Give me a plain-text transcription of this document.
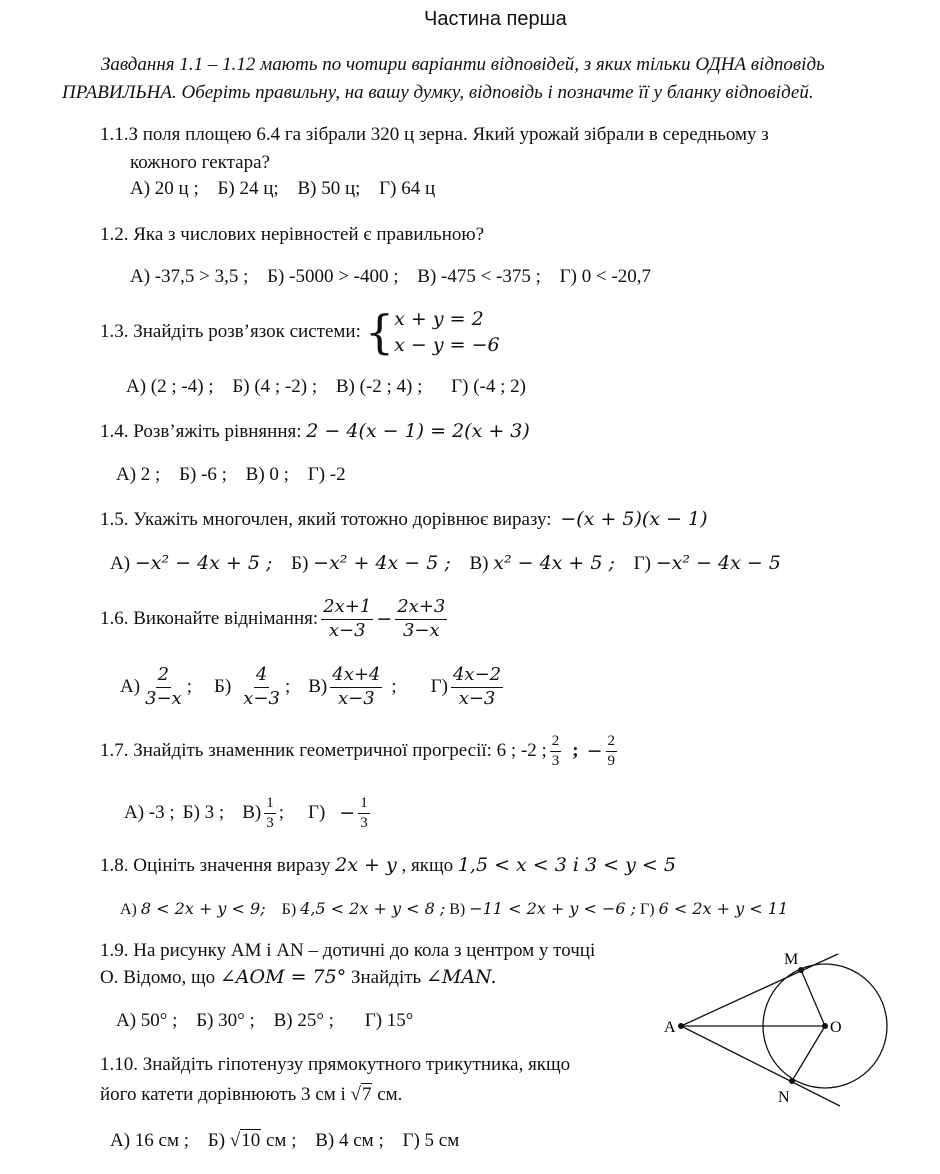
Частина перша
Завдання 1.1 – 1.12 мають по чотири варіанти відповідей, з яких тільки ОДНА відповідь
ПРАВИЛЬНА. Оберіть правильну, на вашу думку, відповідь і позначте її у бланку відповідей.
1.1.З поля площею 6.4 га зібрали 320 ц зерна. Який урожай зібрали в середньому з
кожного гектара?
А) 20 ц ; Б) 24 ц; В) 50 ц; Г) 64 ц
1.2. Яка з числових нерівностей є правильною?
А) -37,5 > 3,5 ; Б) -5000 > -400 ; В) -475 < -375 ; Г) 0 < -20,7
1.3. Знайдіть розв’язок системи: { x + y = 2
x − y = −6
А) (2 ; -4) ; Б) (4 ; -2) ; В) (-2 ; 4) ; Г) (-4 ; 2)
1.4. Розв’яжіть рівняння: 2 − 4(x − 1) = 2(x + 3)
А) 2 ; Б) -6 ; В) 0 ; Г) -2
1.5. Укажіть многочлен, який тотожно дорівнює виразу: −(x + 5)(x − 1)
А) −x² − 4x + 5 ; Б) −x² + 4x − 5 ; В) x² − 4x + 5 ; Г) −x² − 4x − 5
1.6. Виконайте віднімання: $\frac{2x+1}{x-3} - \frac{2x+3}{3-x}$
$А) \frac{2}{3-x}$ ; $Б) \frac{4}{x-3}$ ; $В) \frac{4x+4}{x-3}$ ; $Г) \frac{4x-2}{x-3}$
1.7. Знайдіть знаменник геометричної прогресії: 6 ; -2 ; $\frac{2}{3}$ ; − $\frac{2}{9}$
А) -3 ; Б) 3 ; $В) \frac{1}{3}$ ; $Г) - \frac{1}{3}$
1.8. Оцініть значення виразу 2x + y , якщо 1,5 < x < 3 і 3 < y < 5
А) 8 < 2x + y < 9; Б) 4,5 < 2x + y < 8 ; В) −11 < 2x + y < −6 ; Г) 6 < 2x + y < 11
1.9. На рисунку АМ і АN – дотичні до кола з центром у точці
О. Відомо, що ∠AOM = 75° Знайдіть ∠MAN.
А) 50° ; Б) 30° ; В) 25° ; Г) 15°	A
M
O
N
1.10. Знайдіть гіпотенузу прямокутного трикутника, якщо
його катети дорівнюють 3 см і √7 см.
А) 16 см ; Б) √10 см ; В) 4 см ; Г) 5 см
